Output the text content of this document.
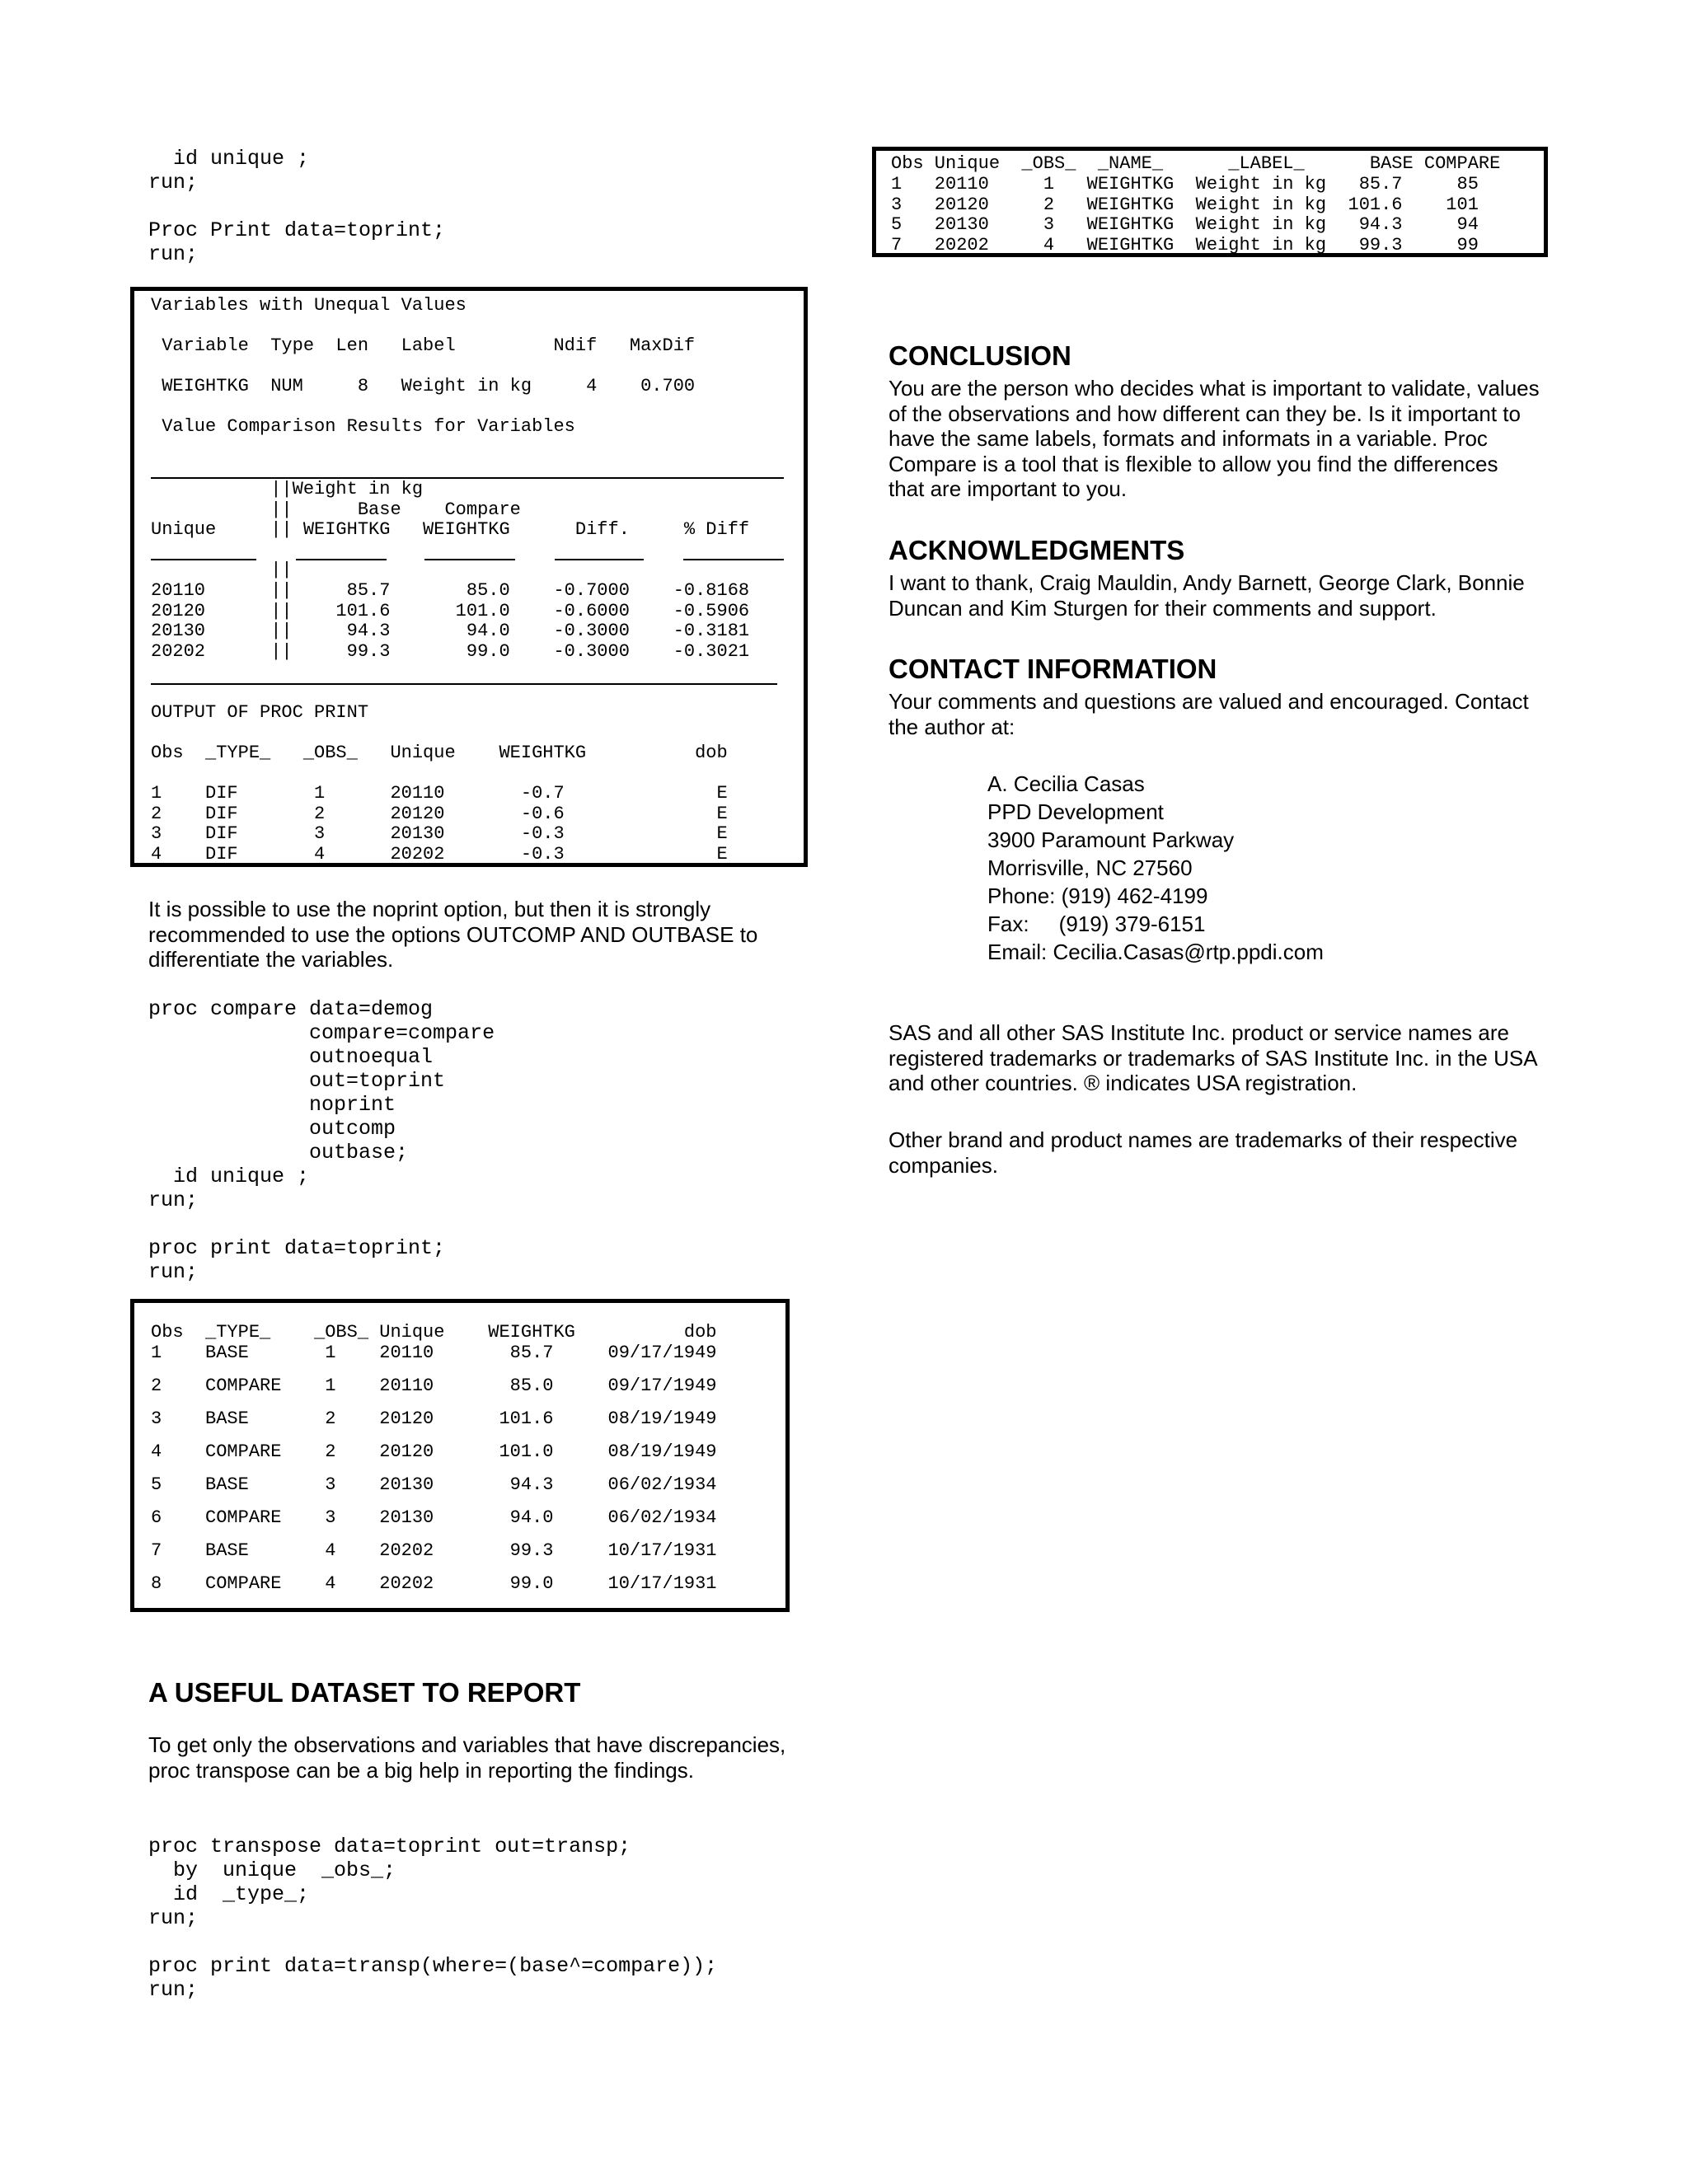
id unique ;
run;

Proc Print data=toprint;
run;
Variables with Unequal Values
Variable  Type  Len   Label         Ndif   MaxDif
WEIGHTKG  NUM     8   Weight in kg     4    0.700
Value Comparison Results for Variables
||Weight in kg
||      Base    Compare
Unique     || WEIGHTKG   WEIGHTKG      Diff.     % Diff
||
20110      ||     85.7       85.0    -0.7000    -0.8168
20120      ||    101.6      101.0    -0.6000    -0.5906
20130      ||     94.3       94.0    -0.3000    -0.3181
20202      ||     99.3       99.0    -0.3000    -0.3021
OUTPUT OF PROC PRINT
Obs  _TYPE_   _OBS_   Unique    WEIGHTKG          dob
1    DIF       1      20110       -0.7              E
2    DIF       2      20120       -0.6              E
3    DIF       3      20130       -0.3              E
4    DIF       4      20202       -0.3              E

It is possible to use the noprint option, but then it is strongly recommended to use the options OUTCOMP AND OUTBASE to differentiate the variables.

proc compare data=demog
compare=compare
outnoequal
out=toprint
noprint
outcomp
outbase;
id unique ;
run;

proc print data=toprint;
run;
Obs  _TYPE_    _OBS_ Unique    WEIGHTKG          dob
1    BASE       1    20110       85.7     09/17/1949
2    COMPARE    1    20110       85.0     09/17/1949
3    BASE       2    20120      101.6     08/19/1949
4    COMPARE    2    20120      101.0     08/19/1949
5    BASE       3    20130       94.3     06/02/1934
6    COMPARE    3    20130       94.0     06/02/1934
7    BASE       4    20202       99.3     10/17/1931
8    COMPARE    4    20202       99.0     10/17/1931
A USEFUL DATASET TO REPORT

To get only the observations and variables that have discrepancies, proc transpose can be a big help in reporting the findings.

proc transpose data=toprint out=transp;
by  unique  _obs_;
id  _type_;
run;

proc print data=transp(where=(base^=compare));
run;
Obs Unique  _OBS_  _NAME_      _LABEL_      BASE COMPARE
1   20110     1   WEIGHTKG  Weight in kg   85.7     85
3   20120     2   WEIGHTKG  Weight in kg  101.6    101
5   20130     3   WEIGHTKG  Weight in kg   94.3     94
7   20202     4   WEIGHTKG  Weight in kg   99.3     99
CONCLUSION

You are the person who decides what is important to validate, values of the observations and how different can they be. Is it important to have the same labels, formats and informats in a variable. Proc Compare is a tool that is flexible to allow you find the differences that are important to you.

ACKNOWLEDGMENTS

I want to thank, Craig Mauldin, Andy Barnett, George Clark, Bonnie Duncan and Kim Sturgen for their comments and support.

CONTACT INFORMATION

Your comments and questions are valued and encouraged. Contact the author at:

A. Cecilia Casas

PPD Development

3900 Paramount Parkway

Morrisville, NC 27560

Phone: (919) 462-4199

Fax:     (919) 379-6151

Email: Cecilia.Casas@rtp.ppdi.com

SAS and all other SAS Institute Inc. product or service names are registered trademarks or trademarks of SAS Institute Inc. in the USA and other countries. ® indicates USA registration.

Other brand and product names are trademarks of their respective companies.
